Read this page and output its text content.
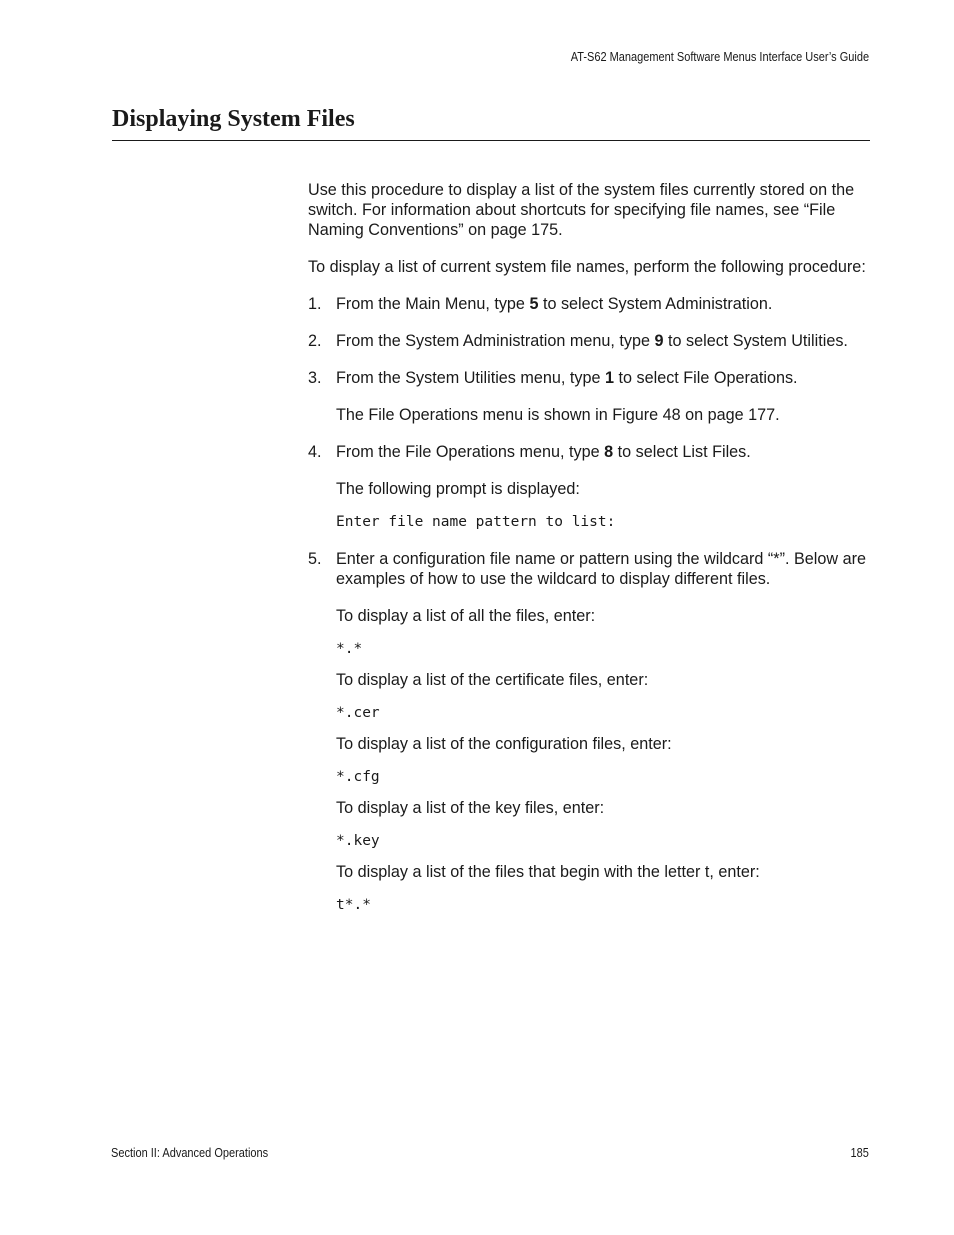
AT-S62 Management Software Menus Interface User’s Guide
Displaying System Files

Use this procedure to display a list of the system files currently stored on the switch. For information about shortcuts for specifying file names, see “File Naming Conventions” on page 175.

To display a list of current system file names, perform the following procedure:

1. From the Main Menu, type 5 to select System Administration.
2. From the System Administration menu, type 9 to select System Utilities.
3. From the System Utilities menu, type 1 to select File Operations.
The File Operations menu is shown in Figure 48 on page 177.
4. From the File Operations menu, type 8 to select List Files.
The following prompt is displayed:
Enter file name pattern to list:
5. Enter a configuration file name or pattern using the wildcard “*”. Below are examples of how to use the wildcard to display different files.
To display a list of all the files, enter:
*.*
To display a list of the certificate files, enter:
*.cer
To display a list of the configuration files, enter:
*.cfg
To display a list of the key files, enter:
*.key
To display a list of the files that begin with the letter t, enter:
t*.*
Section II: Advanced Operations	185
